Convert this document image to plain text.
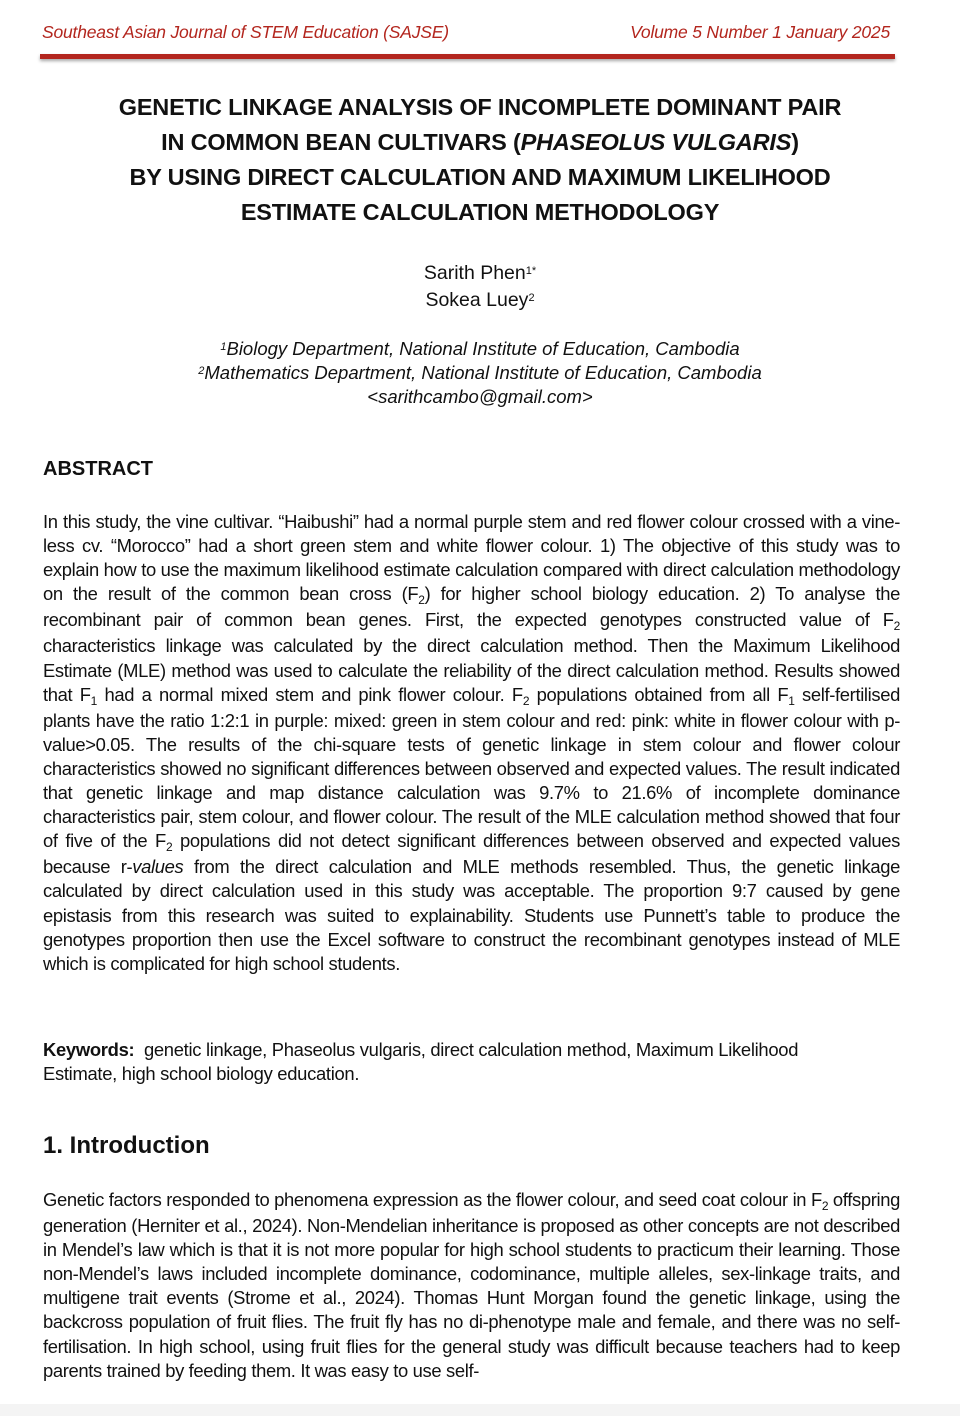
Southeast Asian Journal of STEM Education (SAJSE)	Volume 5 Number 1 January 2025
GENETIC LINKAGE ANALYSIS OF INCOMPLETE DOMINANT PAIR
IN COMMON BEAN CULTIVARS (PHASEOLUS VULGARIS)
BY USING DIRECT CALCULATION AND MAXIMUM LIKELIHOOD
ESTIMATE CALCULATION METHODOLOGY
Sarith Phen$^{1*}$
Sokea Luey$^2$
$^1$Biology Department, National Institute of Education, Cambodia
$^2$Mathematics Department, National Institute of Education, Cambodia
<sarithcambo@gmail.com>
ABSTRACT
In this study, the vine cultivar. “Haibushi” had a normal purple stem and red flower colour crossed with a vine-less cv. “Morocco” had a short green stem and white flower colour. 1) The objective of this study was to explain how to use the maximum likelihood estimate calculation compared with direct calculation methodology on the result of the common bean cross $(F_2)$ for higher school biology education. 2) To analyse the recombinant pair of common bean genes. First, the expected genotypes constructed value of $F_2$ characteristics linkage was calculated by the direct calculation method. Then the Maximum Likelihood Estimate (MLE) method was used to calculate the reliability of the direct calculation method. Results showed that $F_1$ had a normal mixed stem and pink flower colour. $F_2$ populations obtained from all $F_1$ self-fertilised plants have the ratio 1:2:1 in purple: mixed: green in stem colour and red: pink: white in flower colour with p-value>0.05. The results of the chi-square tests of genetic linkage in stem colour and flower colour characteristics showed no significant differences between observed and expected values. The result indicated that genetic linkage and map distance calculation was 9.7% to 21.6% of incomplete dominance characteristics pair, stem colour, and flower colour. The result of the MLE calculation method showed that four of five of the $F_2$ populations did not detect significant differences between observed and expected values because r-values from the direct calculation and MLE methods resembled. Thus, the genetic linkage calculated by direct calculation used in this study was acceptable. The proportion 9:7 caused by gene epistasis from this research was suited to explainability. Students use Punnett’s table to produce the genotypes proportion then use the Excel software to construct the recombinant genotypes instead of MLE which is complicated for high school students.
Keywords: genetic linkage, Phaseolus vulgaris, direct calculation method, Maximum Likelihood Estimate, high school biology education.
1. Introduction
Genetic factors responded to phenomena expression as the flower colour, and seed coat colour in $F_2$ offspring generation (Herniter et al., 2024). Non-Mendelian inheritance is proposed as other concepts are not described in Mendel’s law which is that it is not more popular for high school students to practicum their learning. Those non-Mendel’s laws included incomplete dominance, codominance, multiple alleles, sex-linkage traits, and multigene trait events (Strome et al., 2024). Thomas Hunt Morgan found the genetic linkage, using the backcross population of fruit flies. The fruit fly has no di-phenotype male and female, and there was no self-fertilisation. In high school, using fruit flies for the general study was difficult because teachers had to keep parents trained by feeding them. It was easy to use self-
